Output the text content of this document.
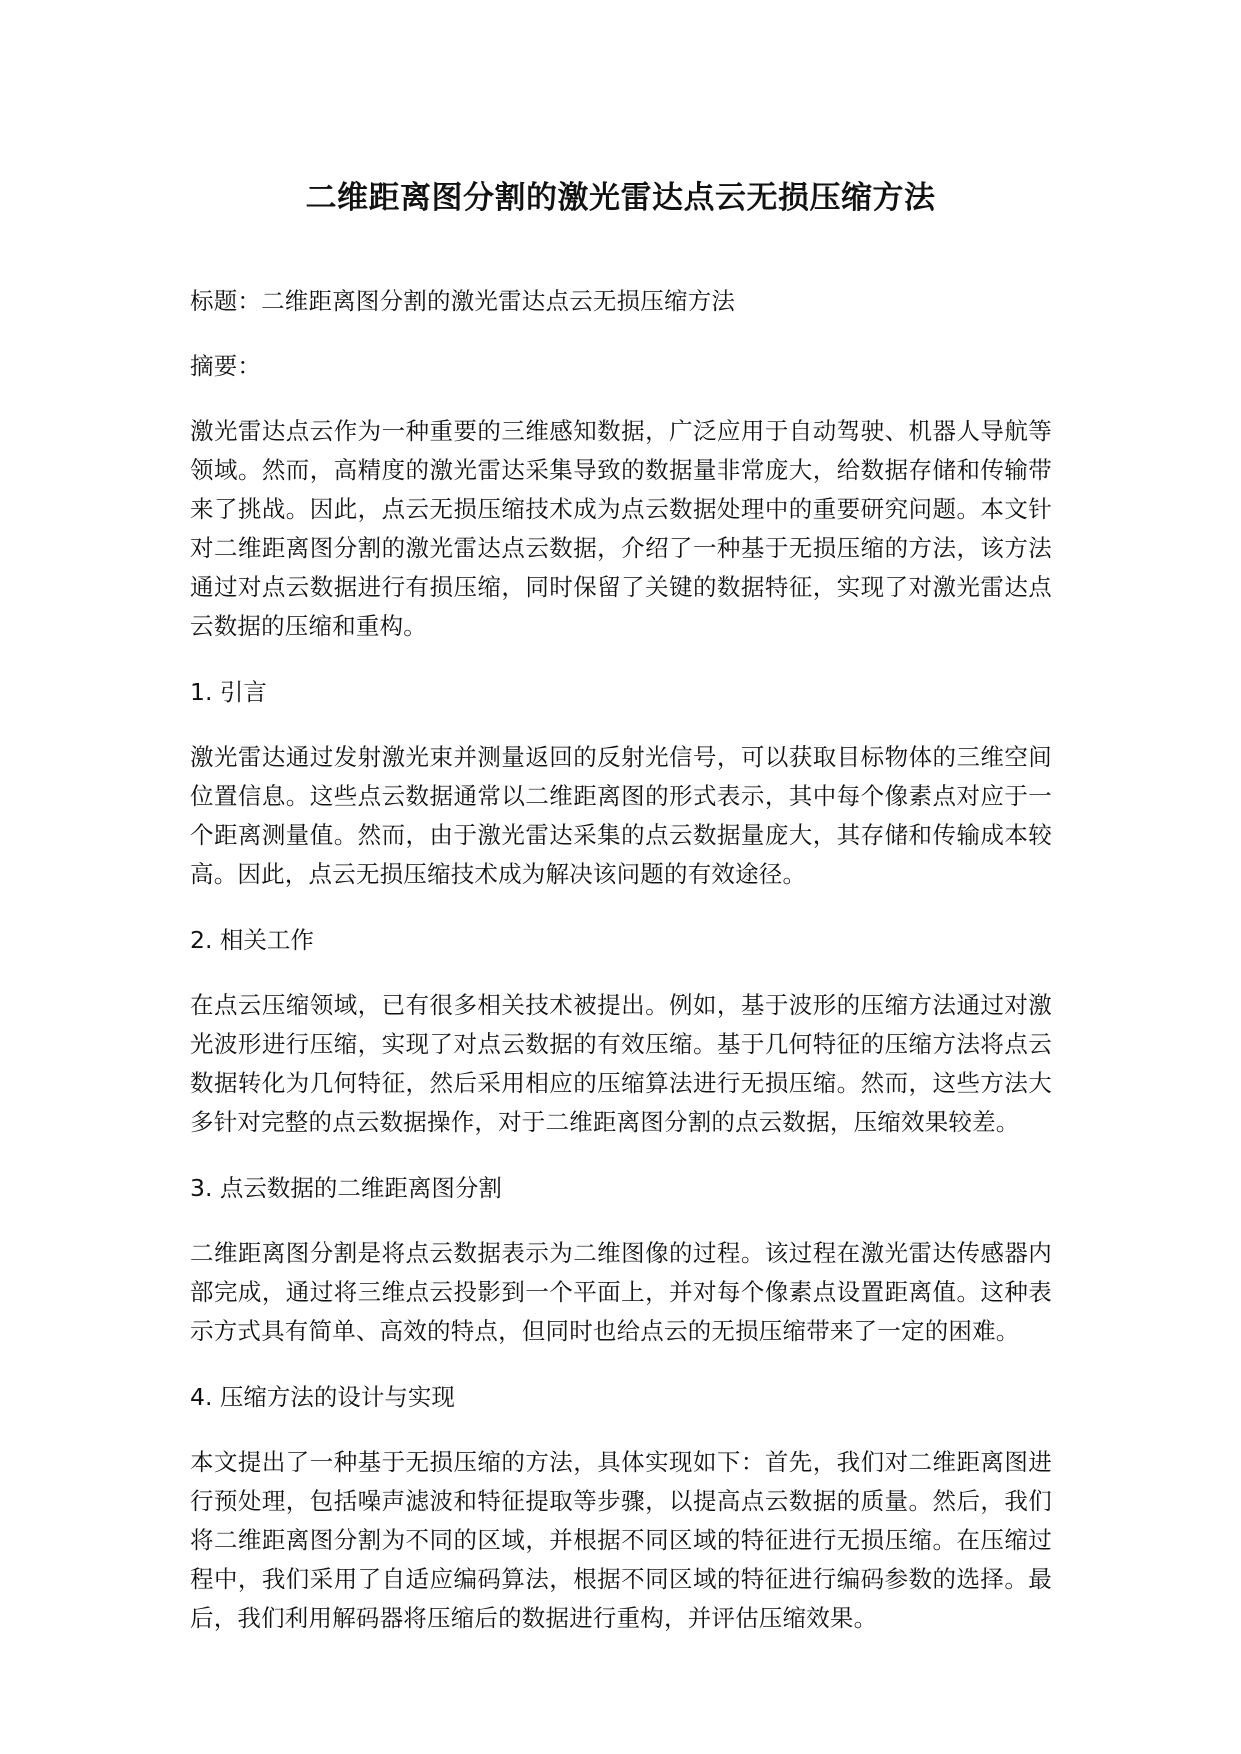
二维距离图分割的激光雷达点云无损压缩方法

标题：二维距离图分割的激光雷达点云无损压缩方法

摘要：

激光雷达点云作为一种重要的三维感知数据，广泛应用于自动驾驶、机器人导航等领域。然而，高精度的激光雷达采集导致的数据量非常庞大，给数据存储和传输带来了挑战。因此，点云无损压缩技术成为点云数据处理中的重要研究问题。本文针对二维距离图分割的激光雷达点云数据，介绍了一种基于无损压缩的方法，该方法通过对点云数据进行有损压缩，同时保留了关键的数据特征，实现了对激光雷达点云数据的压缩和重构。

1. 引言

激光雷达通过发射激光束并测量返回的反射光信号，可以获取目标物体的三维空间位置信息。这些点云数据通常以二维距离图的形式表示，其中每个像素点对应于一个距离测量值。然而，由于激光雷达采集的点云数据量庞大，其存储和传输成本较高。因此，点云无损压缩技术成为解决该问题的有效途径。

2. 相关工作

在点云压缩领域，已有很多相关技术被提出。例如，基于波形的压缩方法通过对激光波形进行压缩，实现了对点云数据的有效压缩。基于几何特征的压缩方法将点云数据转化为几何特征，然后采用相应的压缩算法进行无损压缩。然而，这些方法大多针对完整的点云数据操作，对于二维距离图分割的点云数据，压缩效果较差。

3. 点云数据的二维距离图分割

二维距离图分割是将点云数据表示为二维图像的过程。该过程在激光雷达传感器内部完成，通过将三维点云投影到一个平面上，并对每个像素点设置距离值。这种表示方式具有简单、高效的特点，但同时也给点云的无损压缩带来了一定的困难。

4. 压缩方法的设计与实现

本文提出了一种基于无损压缩的方法，具体实现如下：首先，我们对二维距离图进行预处理，包括噪声滤波和特征提取等步骤，以提高点云数据的质量。然后，我们将二维距离图分割为不同的区域，并根据不同区域的特征进行无损压缩。在压缩过程中，我们采用了自适应编码算法，根据不同区域的特征进行编码参数的选择。最后，我们利用解码器将压缩后的数据进行重构，并评估压缩效果。
